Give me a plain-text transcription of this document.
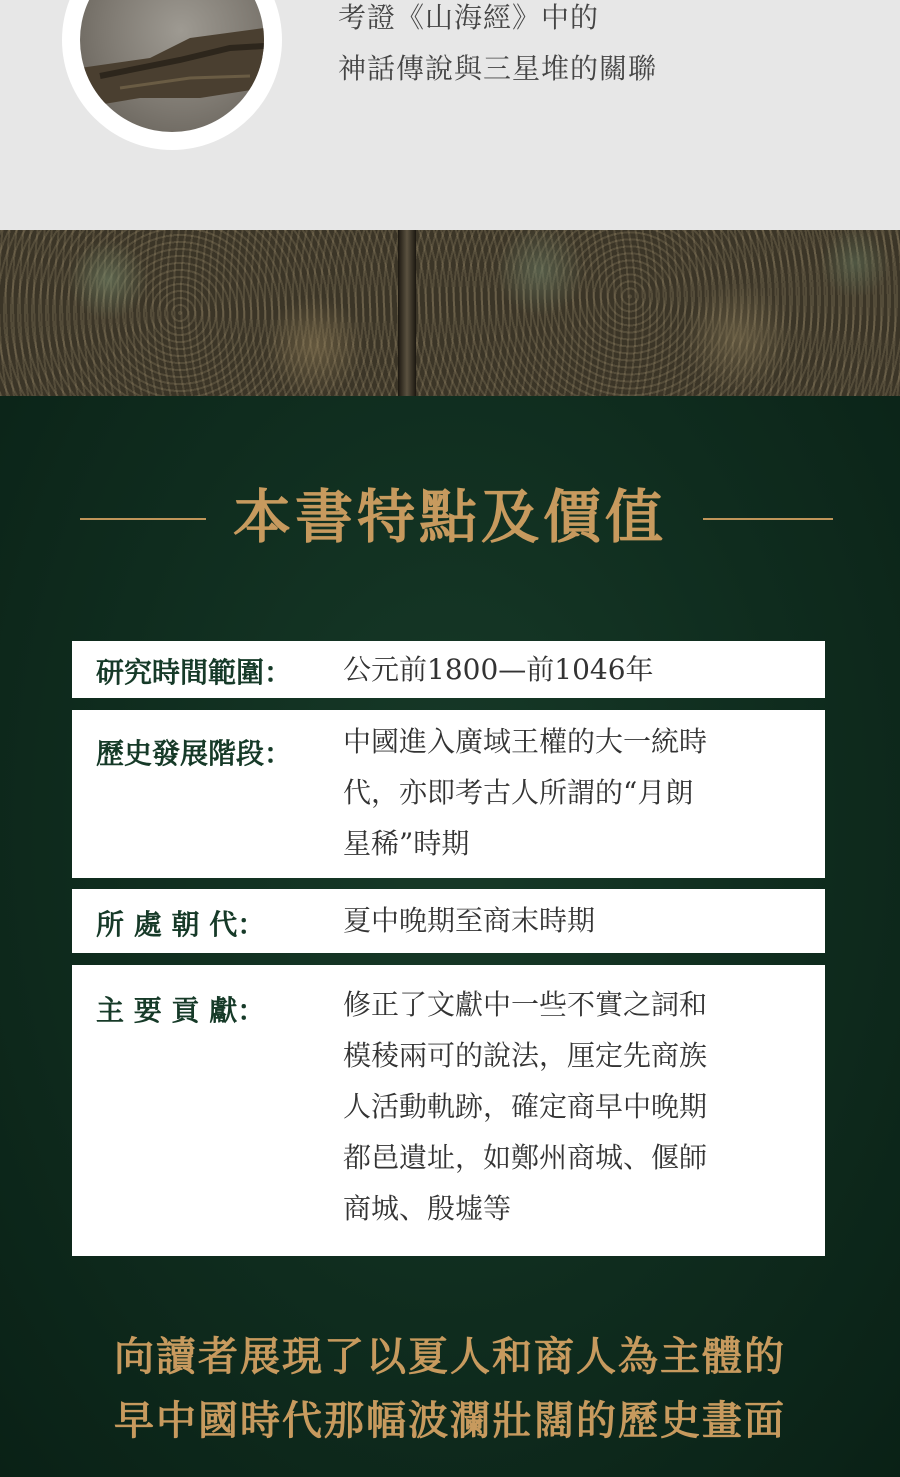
考證《山海經》中的
神話傳說與三星堆的關聯
本書特點及價值
研究時間範圍： 公元前1800—前1046年
歷史發展階段： 中國進入廣域王權的大一統時
代，亦即考古人所謂的“月朗
星稀”時期
所 處 朝 代：	夏中晚期至商末時期
主 要 貢 獻：	修正了文獻中一些不實之詞和
模稜兩可的說法，厘定先商族
人活動軌跡，確定商早中晚期
都邑遺址，如鄭州商城、偃師
商城、殷墟等
向讀者展現了以夏人和商人為主體的
早中國時代那幅波瀾壯闊的歷史畫面
